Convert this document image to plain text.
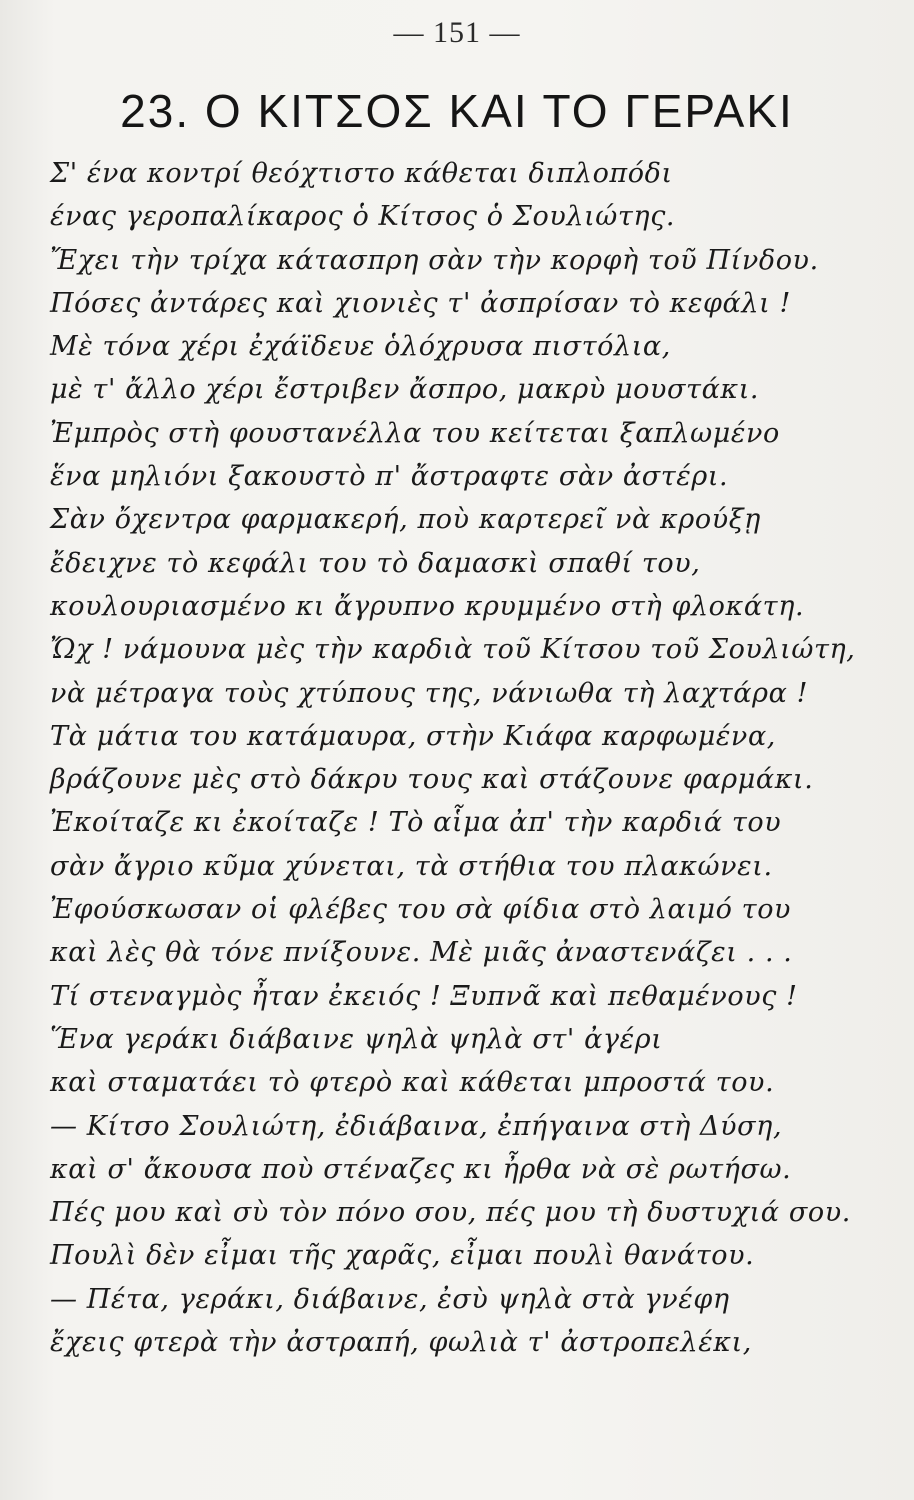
— 151 —
23. Ο ΚΙΤΣΟΣ ΚΑΙ ΤΟ ΓΕΡΑΚΙ
Σ' ένα κοντρί θεόχτιστο κάθεται διπλοπόδι
ένας γεροπαλίκαρος ὁ Κίτσος ὁ Σουλιώτης.
Ἔχει τὴν τρίχα κάτασπρη σὰν τὴν κορφὴ τοῦ Πίνδου.
Πόσες ἀντάρες καὶ χιονιὲς τ' ἀσπρίσαν τὸ κεφάλι !
Μὲ τόνα χέρι ἐχάϊδευε ὁλόχρυσα πιστόλια,
μὲ τ' ἄλλο χέρι ἔστριβεν ἄσπρο, μακρὺ μουστάκι.
Ἐμπρὸς στὴ φουστανέλλα του κείτεται ξαπλωμένο
ἕνα μηλιόνι ξακουστὸ π' ἄστραφτε σὰν ἀστέρι.
Σὰν ὄχεντρα φαρμακερή, ποὺ καρτερεῖ νὰ κρούξῃ
ἔδειχνε τὸ κεφάλι του τὸ δαμασκὶ σπαθί του,
κουλουριασμένο κι ἄγρυπνο κρυμμένο στὴ φλοκάτη.
Ὤχ ! νάμουνα μὲς τὴν καρδιὰ τοῦ Κίτσου τοῦ Σουλιώτη,
νὰ μέτραγα τοὺς χτύπους της, νάνιωθα τὴ λαχτάρα !
Τὰ μάτια του κατάμαυρα, στὴν Κιάφα καρφωμένα,
βράζουνε μὲς στὸ δάκρυ τους καὶ στάζουνε φαρμάκι.
Ἐκοίταζε κι ἐκοίταζε ! Τὸ αἷμα ἀπ' τὴν καρδιά του
σὰν ἄγριο κῦμα χύνεται, τὰ στήθια του πλακώνει.
Ἐφούσκωσαν οἱ φλέβες του σὰ φίδια στὸ λαιμό του
καὶ λὲς θὰ τόνε πνίξουνε. Μὲ μιᾶς ἀναστενάζει . . .
Τί στεναγμὸς ἦταν ἐκειός ! Ξυπνᾶ καὶ πεθαμένους !
Ἕνα γεράκι διάβαινε ψηλὰ ψηλὰ στ' ἀγέρι
καὶ σταματάει τὸ φτερὸ καὶ κάθεται μπροστά του.
— Κίτσο Σουλιώτη, ἐδιάβαινα, ἐπήγαινα στὴ Δύση,
καὶ σ' ἄκουσα ποὺ στέναζες κι ἦρθα νὰ σὲ ρωτήσω.
Πές μου καὶ σὺ τὸν πόνο σου, πές μου τὴ δυστυχιά σου.
Πουλὶ δὲν εἶμαι τῆς χαρᾶς, εἶμαι πουλὶ θανάτου.
— Πέτα, γεράκι, διάβαινε, ἐσὺ ψηλὰ στὰ γνέφη
ἔχεις φτερὰ τὴν ἀστραπή, φωλιὰ τ' ἀστροπελέκι,
